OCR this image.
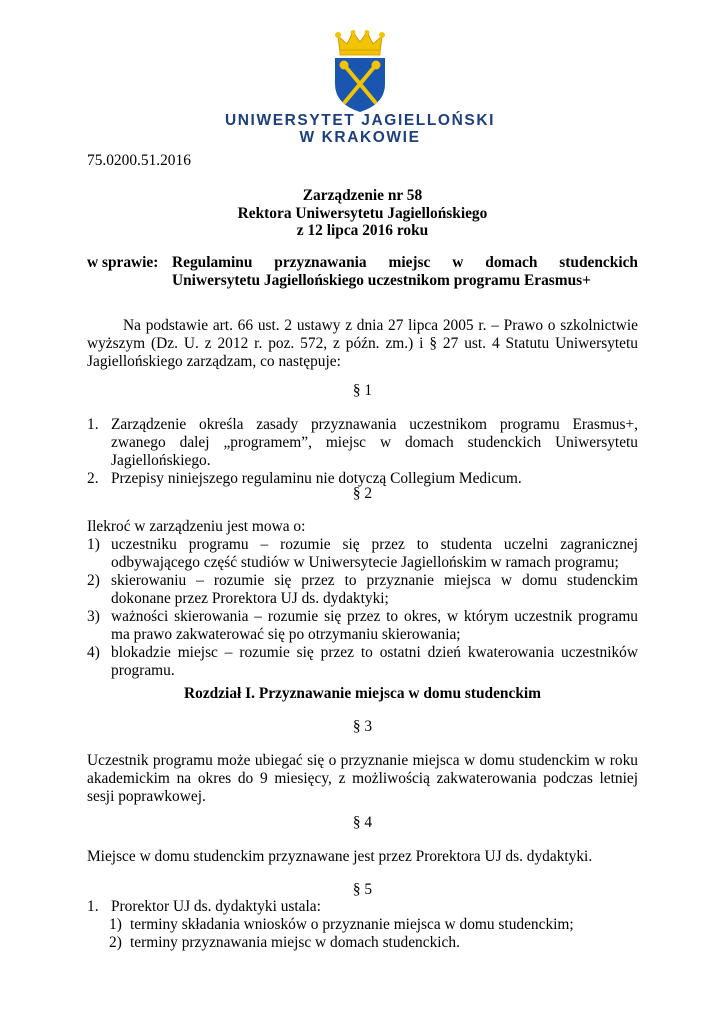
UNIWERSYTET JAGIELLOŃSKI
W KRAKOWIE
75.0200.51.2016
Zarządzenie nr 58
Rektora Uniwersytetu Jagiellońskiego
z 12 lipca 2016 roku
w sprawie: Regulaminu przyznawania miejsc w domach studenckich Uniwersytetu Jagiellońskiego uczestnikom programu Erasmus+
Na podstawie art. 66 ust. 2 ustawy z dnia 27 lipca 2005 r. – Prawo o szkolnictwie wyższym (Dz. U. z 2012 r. poz. 572, z późn. zm.) i § 27 ust. 4 Statutu Uniwersytetu Jagiellońskiego zarządzam, co następuje:
§ 1
1. Zarządzenie określa zasady przyznawania uczestnikom programu Erasmus+, zwanego dalej „programem”, miejsc w domach studenckich Uniwersytetu Jagiellońskiego.
2. Przepisy niniejszego regulaminu nie dotyczą Collegium Medicum.
§ 2
Ilekroć w zarządzeniu jest mowa o:
1) uczestniku programu – rozumie się przez to studenta uczelni zagranicznej odbywającego część studiów w Uniwersytecie Jagiellońskim w ramach programu;
2) skierowaniu – rozumie się przez to przyznanie miejsca w domu studenckim dokonane przez Prorektora UJ ds. dydaktyki;
3) ważności skierowania – rozumie się przez to okres, w którym uczestnik programu ma prawo zakwaterować się po otrzymaniu skierowania;
4) blokadzie miejsc – rozumie się przez to ostatni dzień kwaterowania uczestników programu.
Rozdział I. Przyznawanie miejsca w domu studenckim
§ 3
Uczestnik programu może ubiegać się o przyznanie miejsca w domu studenckim w roku akademickim na okres do 9 miesięcy, z możliwością zakwaterowania podczas letniej sesji poprawkowej.
§ 4
Miejsce w domu studenckim przyznawane jest przez Prorektora UJ ds. dydaktyki.
§ 5
1. Prorektor UJ ds. dydaktyki ustala:
1) terminy składania wniosków o przyznanie miejsca w domu studenckim;
2) terminy przyznawania miejsc w domach studenckich.
